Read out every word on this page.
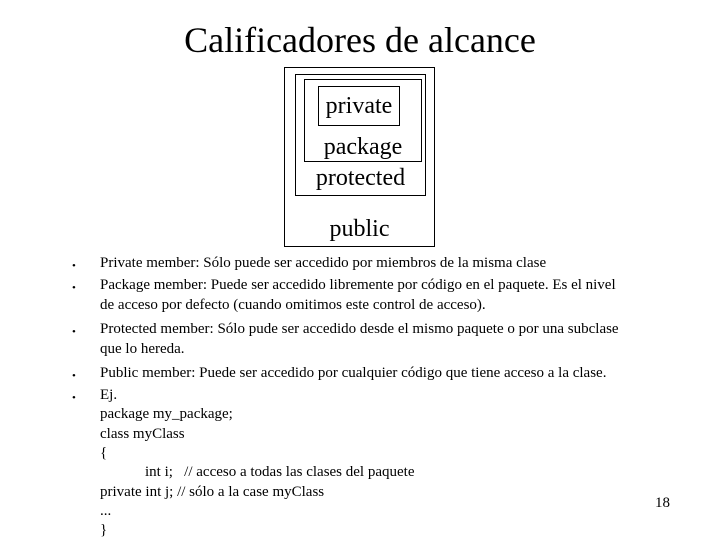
Calificadores de alcance
private
package
protected
public
• Private member: Sólo puede ser accedido por miembros de la misma clase
• Package member: Puede ser accedido libremente por código en el paquete. Es el nivel
de acceso por defecto (cuando omitimos este control de acceso).
• Protected member: Sólo pude ser accedido desde el mismo paquete o por una subclase
que lo hereda.
• Public member: Puede ser accedido por cualquier código que tiene acceso a la clase.
• Ej.
package my_package;
class myClass
{
int i;   // acceso a todas las clases del paquete
private int j; // sólo a la case myClass
...
}
18
